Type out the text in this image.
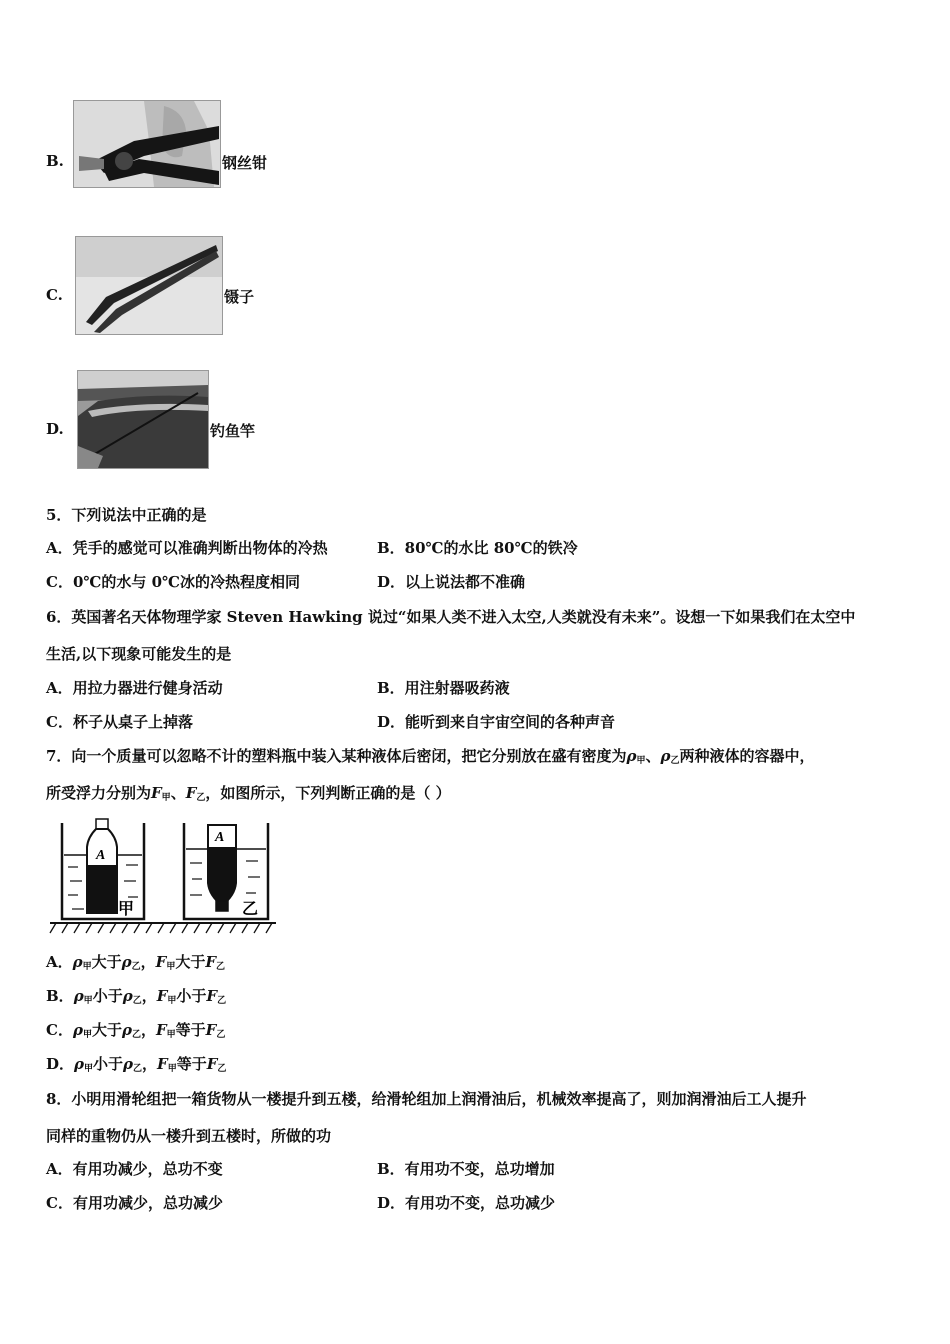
B.	钢丝钳
C.	镊子
D.	钓鱼竿
5．下列说法中正确的是
A．凭手的感觉可以准确判断出物体的冷热	B．80℃的水比 80℃的铁冷
C．0℃的水与 0℃冰的冷热程度相同	D．以上说法都不准确
6．英国著名天体物理学家 Steven Hawking 说过“如果人类不进入太空,人类就没有未来”。设想一下如果我们在太空中
生活,以下现象可能发生的是
A．用拉力器进行健身活动	B．用注射器吸药液
C．杯子从桌子上掉落	D．能听到来自宇宙空间的各种声音
7．向一个质量可以忽略不计的塑料瓶中装入某种液体后密闭，把它分别放在盛有密度为$\rho_甲$、$\rho_乙$两种液体的容器中，
所受浮力分别为$F_甲$、$F_乙$，如图所示，下列判断正确的是（ ）
A
甲
A
乙
A．$\rho_甲$大于$\rho_乙$，$F_甲$大于$F_乙$
B．$\rho_甲$小于$\rho_乙$，$F_甲$小于$F_乙$
C．$\rho_甲$大于$\rho_乙$，$F_甲$等于$F_乙$
D．$\rho_甲$小于$\rho_乙$，$F_甲$等于$F_乙$
8．小明用滑轮组把一箱货物从一楼提升到五楼，给滑轮组加上润滑油后，机械效率提高了，则加润滑油后工人提升
同样的重物仍从一楼升到五楼时，所做的功
A．有用功减少，总功不变	B．有用功不变，总功增加
C．有用功减少，总功减少	D．有用功不变，总功减少
